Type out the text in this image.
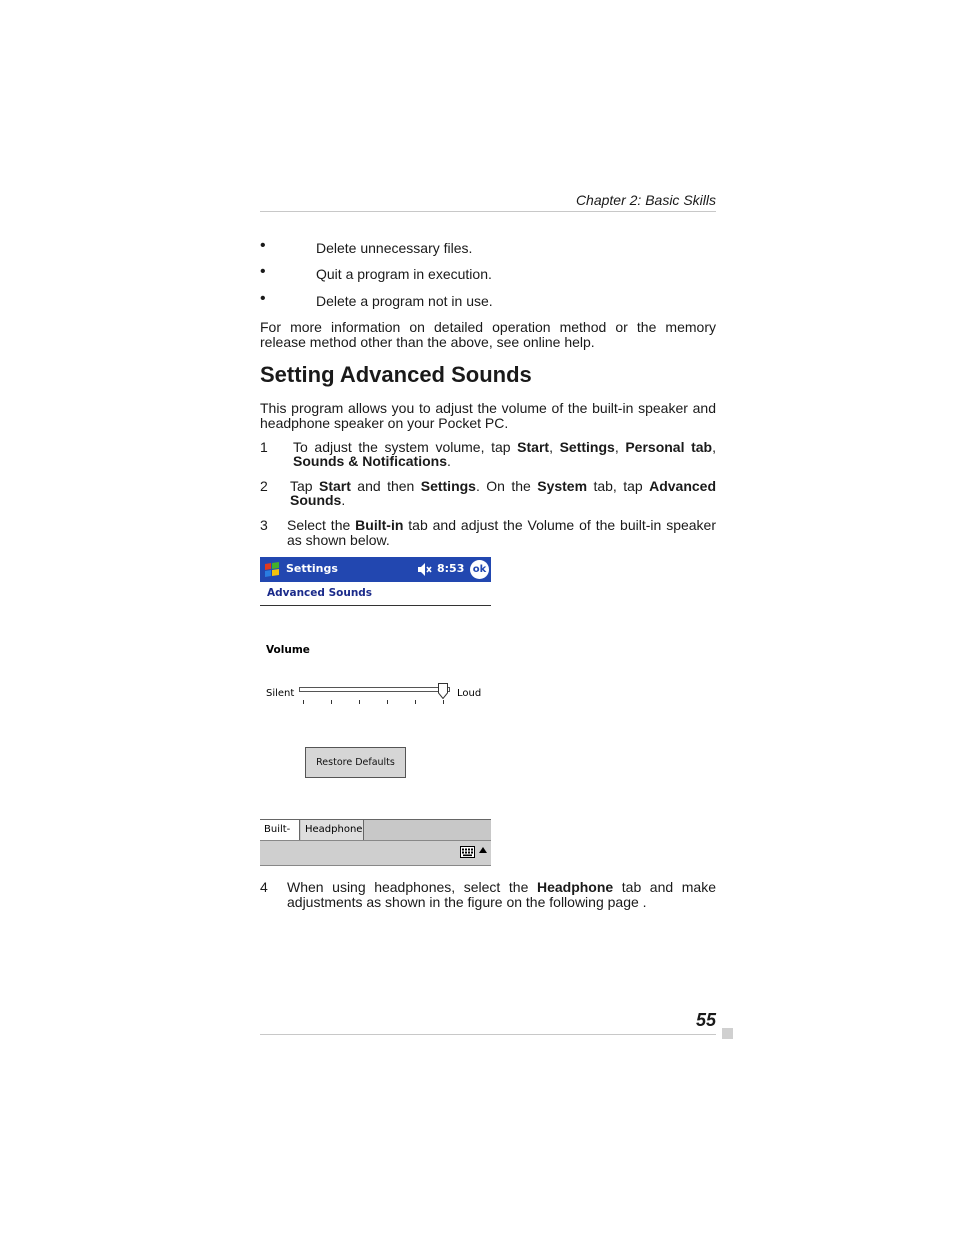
Chapter 2: Basic Skills
•	Delete unnecessary files.
•	Quit a program in execution.
•	Delete a program not in use.
For more information on detailed operation method or the memory release method other than the above, see online help.
Setting Advanced Sounds
This program allows you to adjust the volume of the built-in speaker and headphone speaker on your Pocket PC.
1 To adjust the system volume, tap Start, Settings, Personal tab, Sounds & Notifications.
2 Tap Start and then Settings. On the System tab, tap Advanced Sounds.
3 Select the Built-in tab and adjust the Volume of the built-in speaker as shown below.
Settings	8:53 ok
Advanced Sounds
Volume
Silent	Loud
Restore Defaults
Built-	Headphone
4 When using headphones, select the Headphone tab and make adjustments as shown in the figure on the following page .
55
